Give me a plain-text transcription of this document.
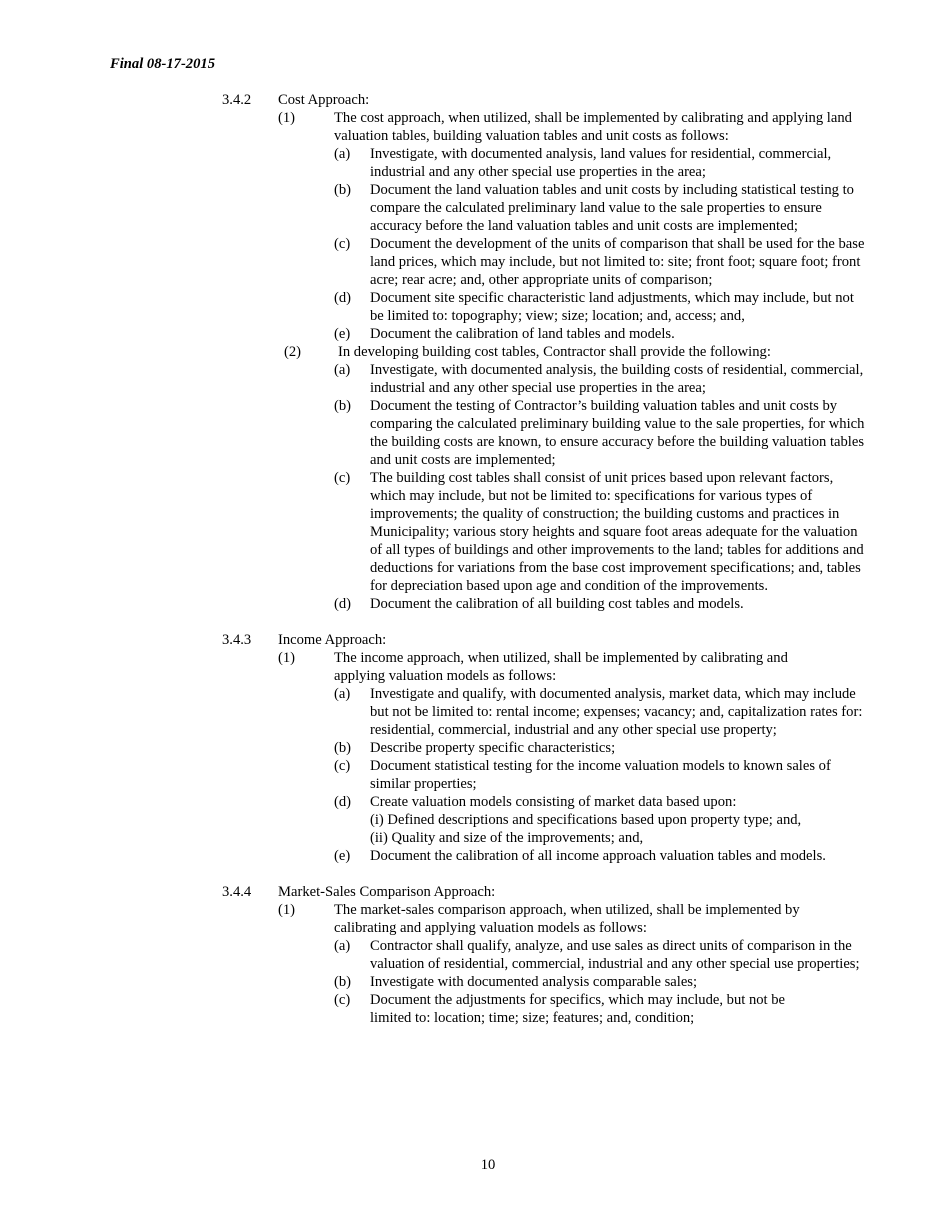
Final 08-17-2015
3.4.2 Cost Approach:
(1)	The cost approach, when utilized, shall be implemented by calibrating and applying land valuation tables, building valuation tables and unit costs as follows:
(a) Investigate, with documented analysis, land values for residential, commercial, industrial and any other special use properties in the area;
(b) Document the land valuation tables and unit costs by including statistical testing to compare the calculated preliminary land value to the sale properties to ensure accuracy before the land valuation tables and unit costs are implemented;
(c) Document the development of the units of comparison that shall be used for the base land prices, which may include, but not limited to: site; front foot; square foot; front acre; rear acre; and, other appropriate units of comparison;
(d) Document site specific characteristic land adjustments, which may include, but not be limited to: topography; view; size; location; and, access; and,
(e) Document the calibration of land tables and models.
(2)	In developing building cost tables, Contractor shall provide the following:
(a) Investigate, with documented analysis, the building costs of residential, commercial, industrial and any other special use properties in the area;
(b) Document the testing of Contractor’s building valuation tables and unit costs by comparing the calculated preliminary building value to the sale properties, for which the building costs are known, to ensure accuracy before the building valuation tables and unit costs are implemented;
(c) The building cost tables shall consist of unit prices based upon relevant factors, which may include, but not be limited to: specifications for various types of improvements; the quality of construction; the building customs and practices in Municipality; various story heights and square foot areas adequate for the valuation of all types of buildings and other improvements to the land; tables for additions and deductions for variations from the base cost improvement specifications; and, tables for depreciation based upon age and condition of the improvements.
(d) Document the calibration of all building cost tables and models.
3.4.3 Income Approach:
(1)	The income approach, when utilized, shall be implemented by calibrating and applying valuation models as follows:
(a) Investigate and qualify, with documented analysis, market data, which may include but not be limited to: rental income; expenses; vacancy; and, capitalization rates for: residential, commercial, industrial and any other special use property;
(b) Describe property specific characteristics;
(c) Document statistical testing for the income valuation models to known sales of similar properties;
(d) Create valuation models consisting of market data based upon:
(i) Defined descriptions and specifications based upon property type; and,
(ii) Quality and size of the improvements; and,
(e) Document the calibration of all income approach valuation tables and models.
3.4.4 Market-Sales Comparison Approach:
(1)	The market-sales comparison approach, when utilized, shall be implemented by calibrating and applying valuation models as follows:
(a) Contractor shall qualify, analyze, and use sales as direct units of comparison in the valuation of residential, commercial, industrial and any other special use properties;
(b) Investigate with documented analysis comparable sales;
(c) Document the adjustments for specifics, which may include, but not be limited to: location; time; size; features; and, condition;
10
